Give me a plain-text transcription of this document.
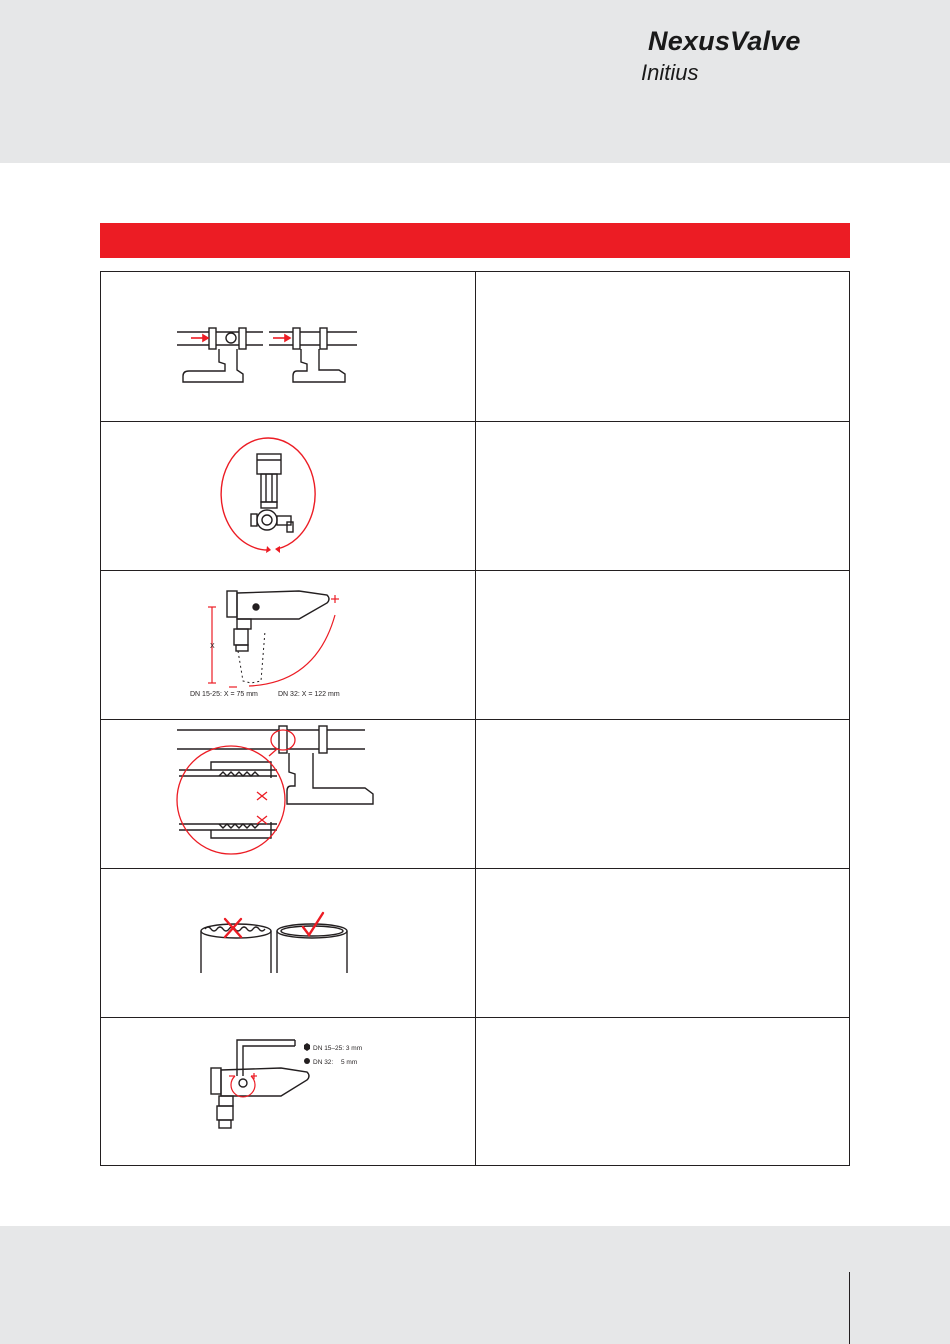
NexusValve
Initius
X
DN 15-25: X = 75 mm	DN 32: X = 122 mm
DN 15–25: 3 mm
DN 32: 5 mm
